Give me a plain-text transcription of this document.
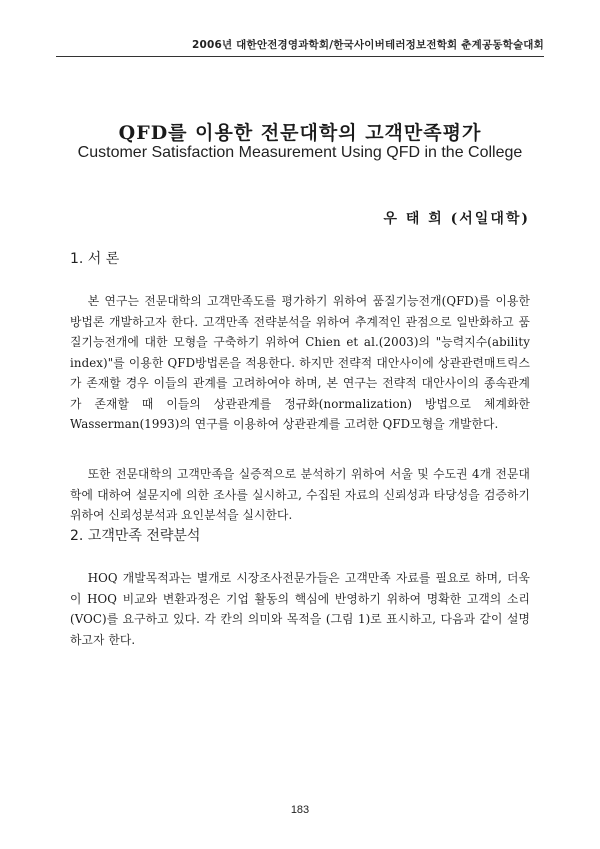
2006년 대한안전경영과학회/한국사이버테러정보전학회 춘계공동학술대회
QFD를 이용한 전문대학의 고객만족평가
Customer Satisfaction Measurement Using QFD in the College
우 태 희 (서일대학)
1. 서 론

본 연구는 전문대학의 고객만족도를 평가하기 위하여 품질기능전개(QFD)를 이용한 방법론 개발하고자 한다. 고객만족 전략분석을 위하여 추계적인 관점으로 일반화하고 품질기능전개에 대한 모형을 구축하기 위하여 Chien et al.(2003)의 "능력지수(ability index)"를 이용한 QFD방법론을 적용한다. 하지만 전략적 대안사이에 상관관련매트릭스가 존재할 경우 이들의 관계를 고려하여야 하며, 본 연구는 전략적 대안사이의 종속관계가 존재할 때 이들의 상관관계를 정규화(normalization) 방법으로 체계화한 Wasserman(1993)의 연구를 이용하여 상관관계를 고려한 QFD모형을 개발한다.

또한 전문대학의 고객만족을 실증적으로 분석하기 위하여 서울 및 수도권 4개 전문대학에 대하여 설문지에 의한 조사를 실시하고, 수집된 자료의 신뢰성과 타당성을 검증하기 위하여 신뢰성분석과 요인분석을 실시한다.

2. 고객만족 전략분석

HOQ 개발목적과는 별개로 시장조사전문가들은 고객만족 자료를 필요로 하며, 더욱이 HOQ 비교와 변환과정은 기업 활동의 핵심에 반영하기 위하여 명확한 고객의 소리(VOC)를 요구하고 있다. 각 칸의 의미와 목적을 (그림 1)로 표시하고, 다음과 같이 설명하고자 한다.

183
